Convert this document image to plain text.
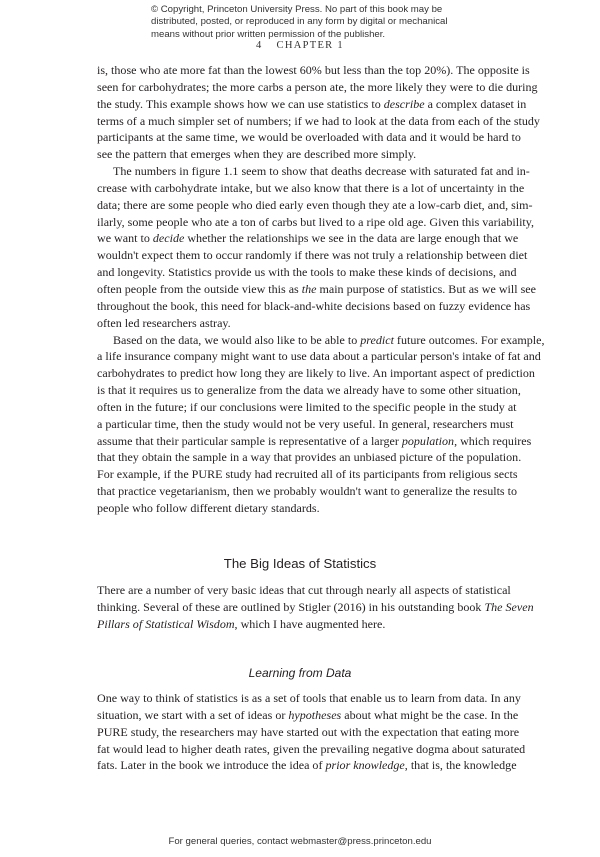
© Copyright, Princeton University Press. No part of this book may be
distributed, posted, or reproduced in any form by digital or mechanical
means without prior written permission of the publisher.
4 CHAPTER 1

is, those who ate more fat than the lowest 60% but less than the top 20%). The opposite is
seen for carbohydrates; the more carbs a person ate, the more likely they were to die during
the study. This example shows how we can use statistics to describe a complex dataset in
terms of a much simpler set of numbers; if we had to look at the data from each of the study
participants at the same time, we would be overloaded with data and it would be hard to
see the pattern that emerges when they are described more simply.

The numbers in figure 1.1 seem to show that deaths decrease with saturated fat and in-
crease with carbohydrate intake, but we also know that there is a lot of uncertainty in the
data; there are some people who died early even though they ate a low-carb diet, and, sim-
ilarly, some people who ate a ton of carbs but lived to a ripe old age. Given this variability,
we want to decide whether the relationships we see in the data are large enough that we
wouldn't expect them to occur randomly if there was not truly a relationship between diet
and longevity. Statistics provide us with the tools to make these kinds of decisions, and
often people from the outside view this as the main purpose of statistics. But as we will see
throughout the book, this need for black-and-white decisions based on fuzzy evidence has
often led researchers astray.

Based on the data, we would also like to be able to predict future outcomes. For example,
a life insurance company might want to use data about a particular person's intake of fat and
carbohydrates to predict how long they are likely to live. An important aspect of prediction
is that it requires us to generalize from the data we already have to some other situation,
often in the future; if our conclusions were limited to the specific people in the study at
a particular time, then the study would not be very useful. In general, researchers must
assume that their particular sample is representative of a larger population, which requires
that they obtain the sample in a way that provides an unbiased picture of the population.
For example, if the PURE study had recruited all of its participants from religious sects
that practice vegetarianism, then we probably wouldn't want to generalize the results to
people who follow different dietary standards.

The Big Ideas of Statistics
There are a number of very basic ideas that cut through nearly all aspects of statistical
thinking. Several of these are outlined by Stigler (2016) in his outstanding book The Seven
Pillars of Statistical Wisdom, which I have augmented here.
Learning from Data
One way to think of statistics is as a set of tools that enable us to learn from data. In any
situation, we start with a set of ideas or hypotheses about what might be the case. In the
PURE study, the researchers may have started out with the expectation that eating more
fat would lead to higher death rates, given the prevailing negative dogma about saturated
fats. Later in the book we introduce the idea of prior knowledge, that is, the knowledge
For general queries, contact webmaster@press.princeton.edu
